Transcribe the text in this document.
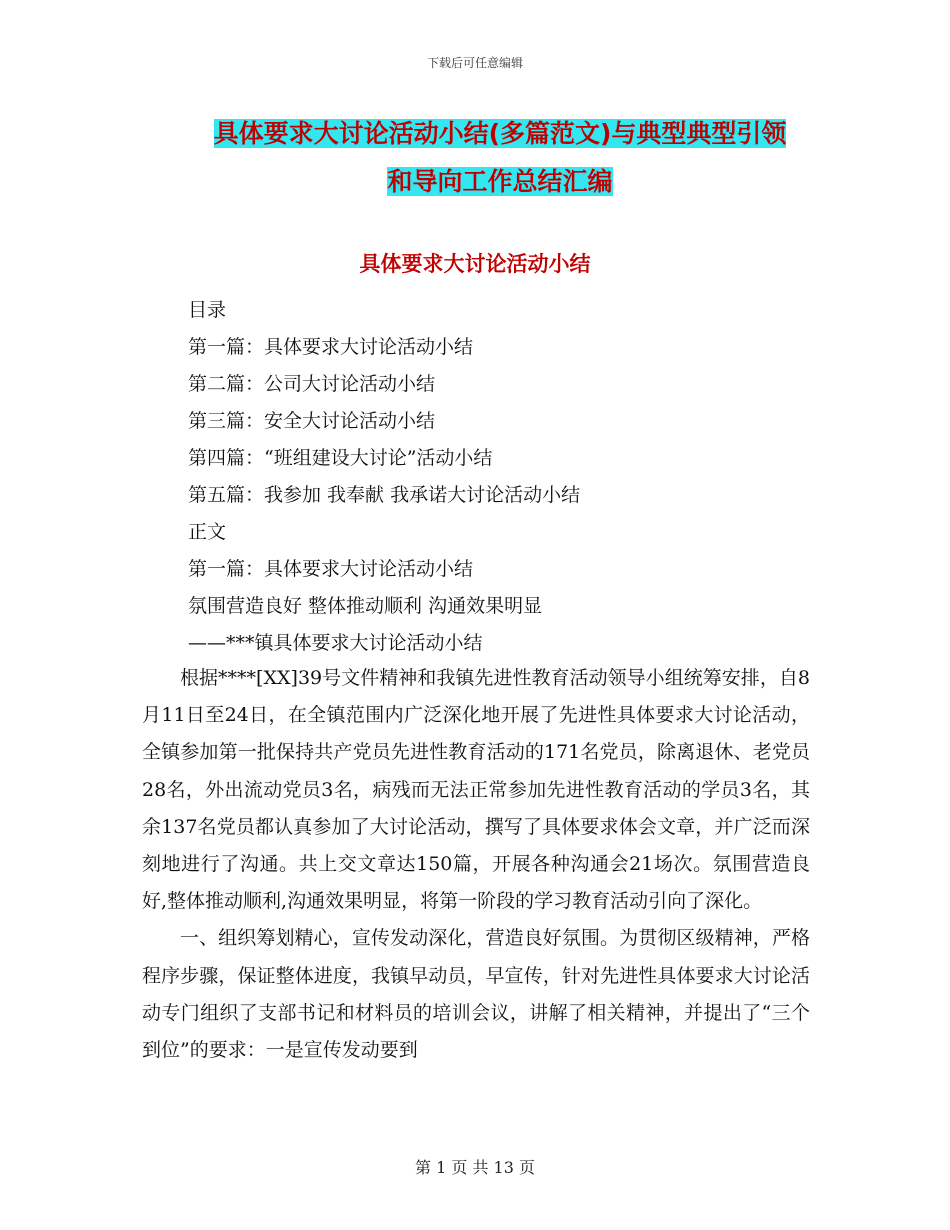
下载后可任意编辑
具体要求大讨论活动小结(多篇范文)与典型典型引领
和导向工作总结汇编
具体要求大讨论活动小结
目录
第一篇：具体要求大讨论活动小结
第二篇：公司大讨论活动小结
第三篇：安全大讨论活动小结
第四篇：“班组建设大讨论”活动小结
第五篇：我参加 我奉献 我承诺大讨论活动小结
正文
第一篇：具体要求大讨论活动小结
氛围营造良好 整体推动顺利 沟通效果明显
——***镇具体要求大讨论活动小结

根据****[XX]39号文件精神和我镇先进性教育活动领导小组统筹安排，自8月11日至24日，在全镇范围内广泛深化地开展了先进性具体要求大讨论活动，全镇参加第一批保持共产党员先进性教育活动的171名党员，除离退休、老党员28名，外出流动党员3名，病残而无法正常参加先进性教育活动的学员3名，其余137名党员都认真参加了大讨论活动，撰写了具体要求体会文章，并广泛而深刻地进行了沟通。共上交文章达150篇，开展各种沟通会21场次。氛围营造良好,整体推动顺利,沟通效果明显，将第一阶段的学习教育活动引向了深化。

一、组织筹划精心，宣传发动深化，营造良好氛围。为贯彻区级精神，严格程序步骤，保证整体进度，我镇早动员，早宣传，针对先进性具体要求大讨论活动专门组织了支部书记和材料员的培训会议，讲解了相关精神，并提出了“三个到位”的要求：一是宣传发动要到

第 1 页 共 13 页
